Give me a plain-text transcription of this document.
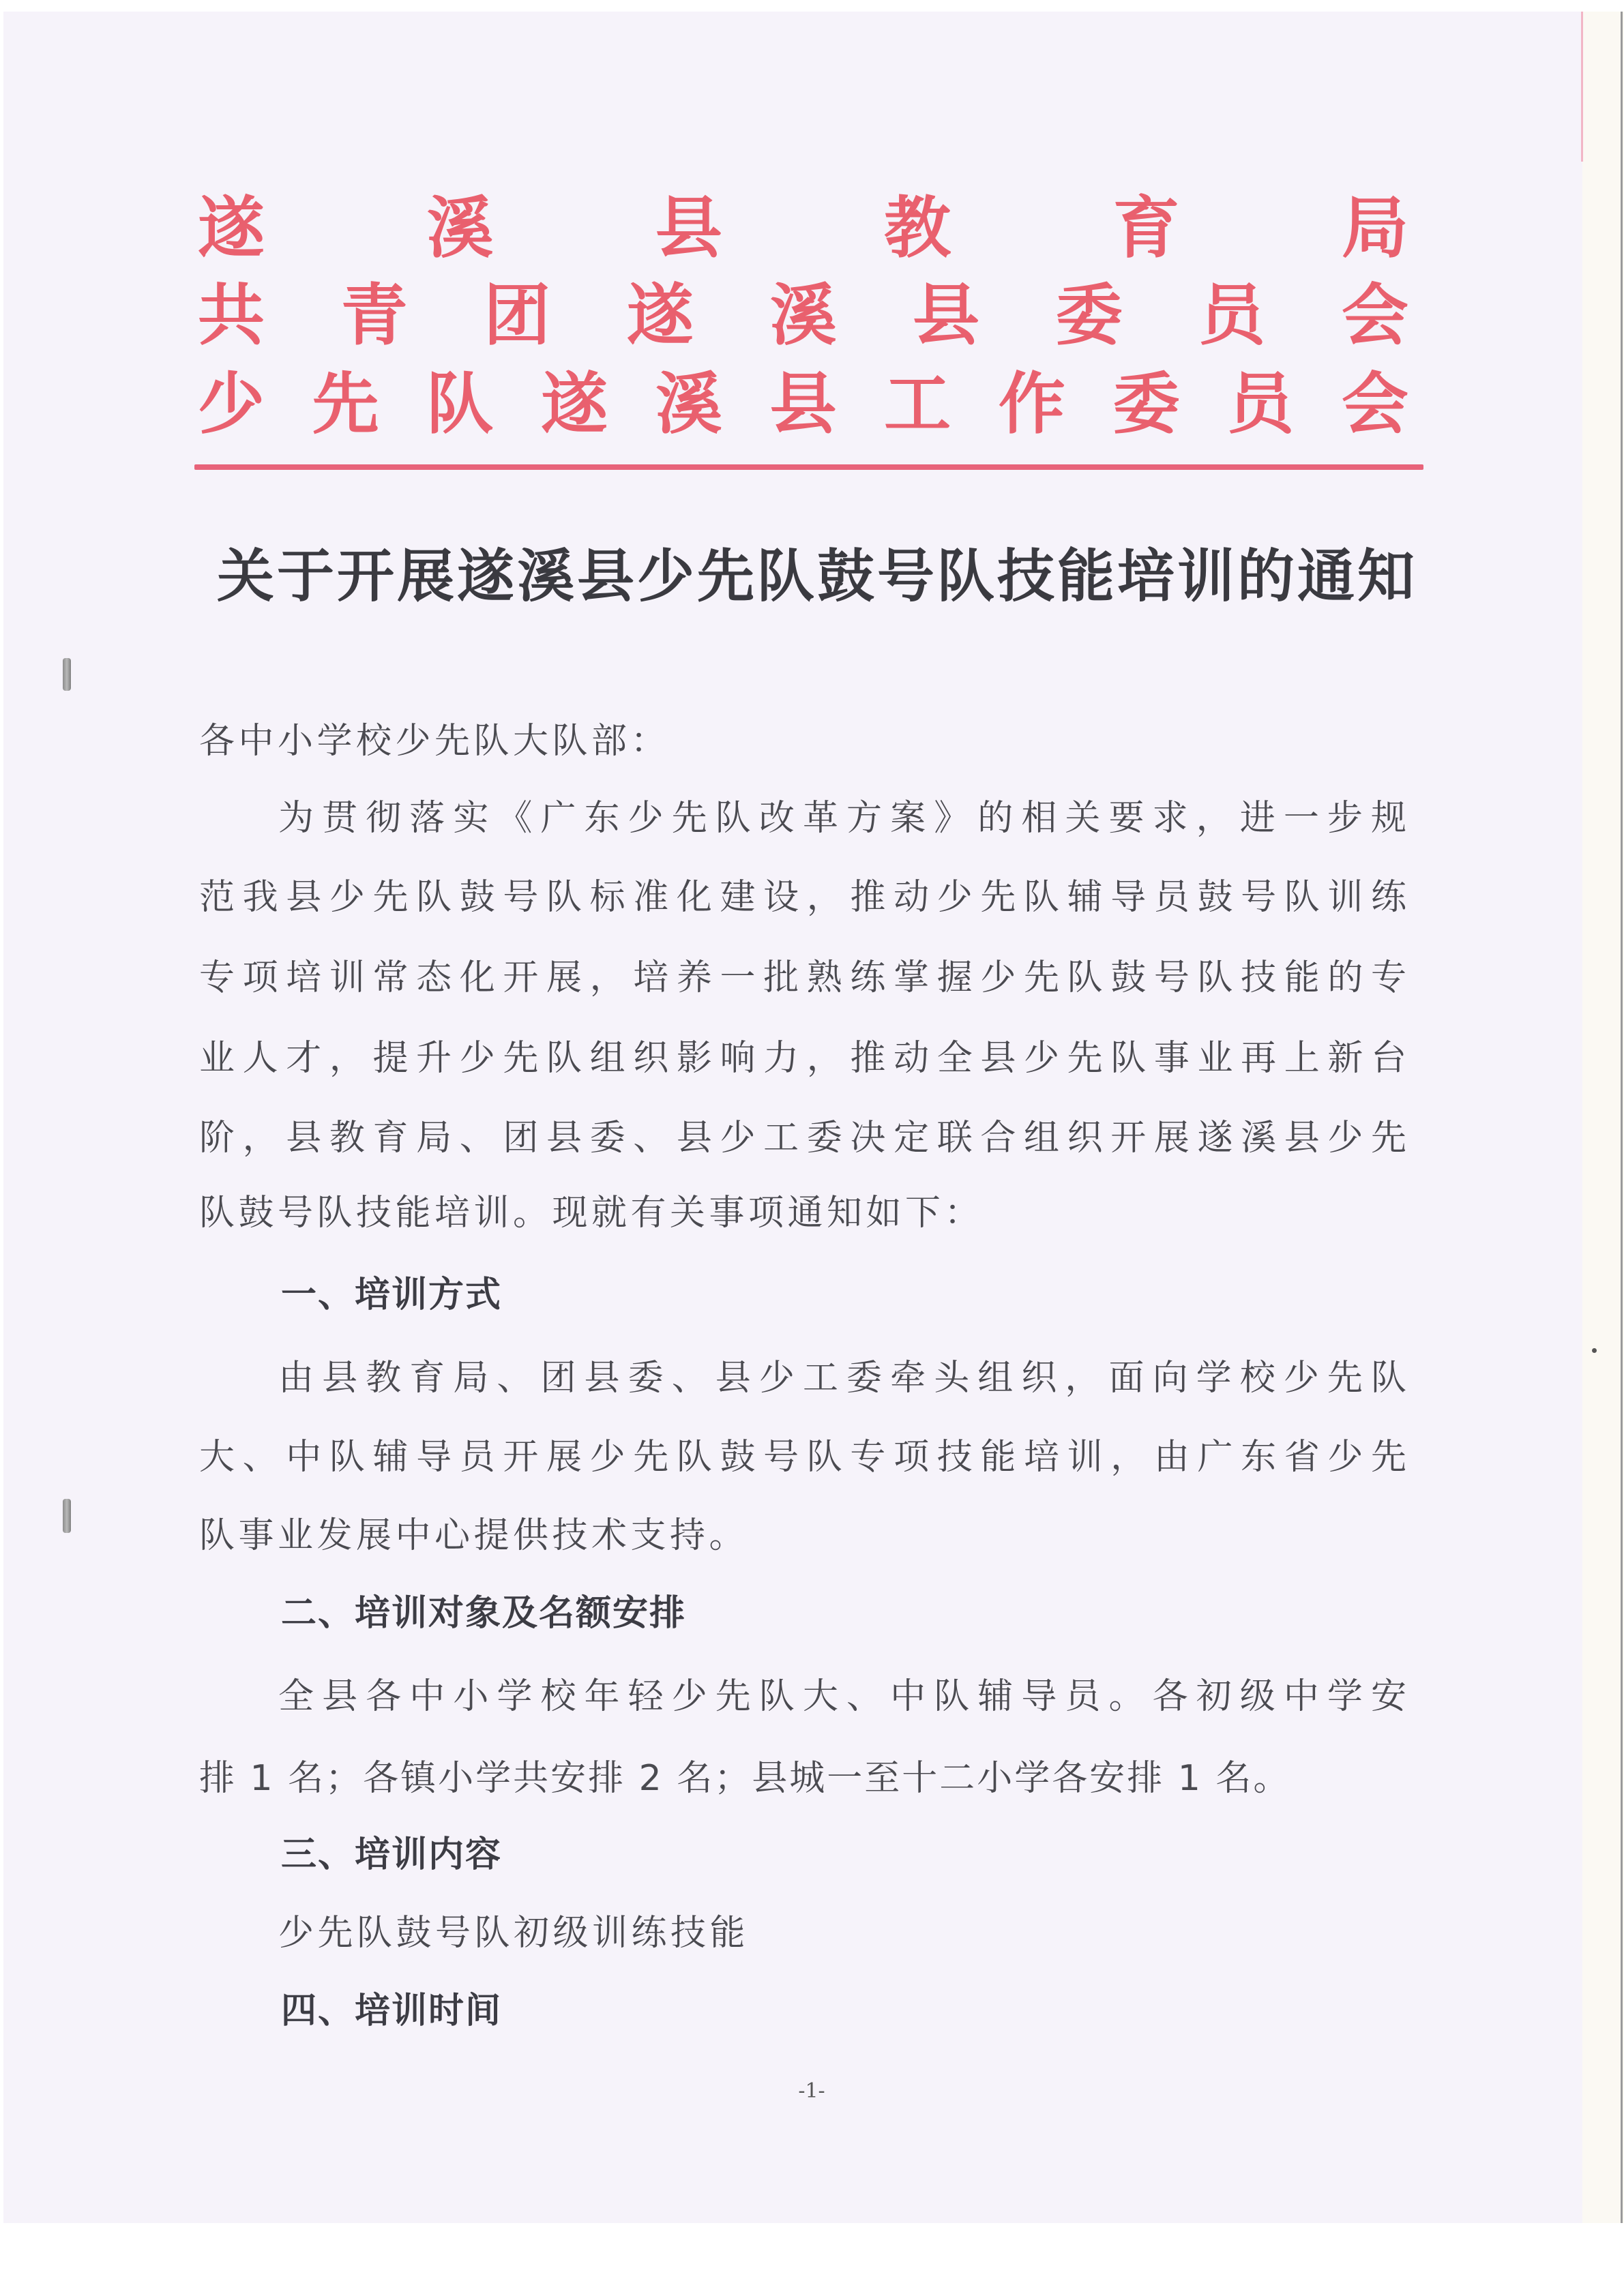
遂 溪 县 教 育 局
共 青 团 遂 溪 县 委 员 会
少 先 队 遂 溪 县 工 作 委 员 会
关于开展遂溪县少先队鼓号队技能培训的通知
各中小学校少先队大队部：
为贯彻落实《广东少先队改革方案》的相关要求，进一步规
范我县少先队鼓号队标准化建设，推动少先队辅导员鼓号队训练
专项培训常态化开展，培养一批熟练掌握少先队鼓号队技能的专
业人才，提升少先队组织影响力，推动全县少先队事业再上新台
阶，县教育局、团县委、县少工委决定联合组织开展遂溪县少先
队鼓号队技能培训。现就有关事项通知如下：
一、培训方式
由县教育局、团县委、县少工委牵头组织，面向学校少先队
大、中队辅导员开展少先队鼓号队专项技能培训，由广东省少先
队事业发展中心提供技术支持。
二、培训对象及名额安排
全县各中小学校年轻少先队大、中队辅导员。各初级中学安
排 1 名；各镇小学共安排 2 名；县城一至十二小学各安排 1 名。
三、培训内容
少先队鼓号队初级训练技能
四、培训时间
-1-
